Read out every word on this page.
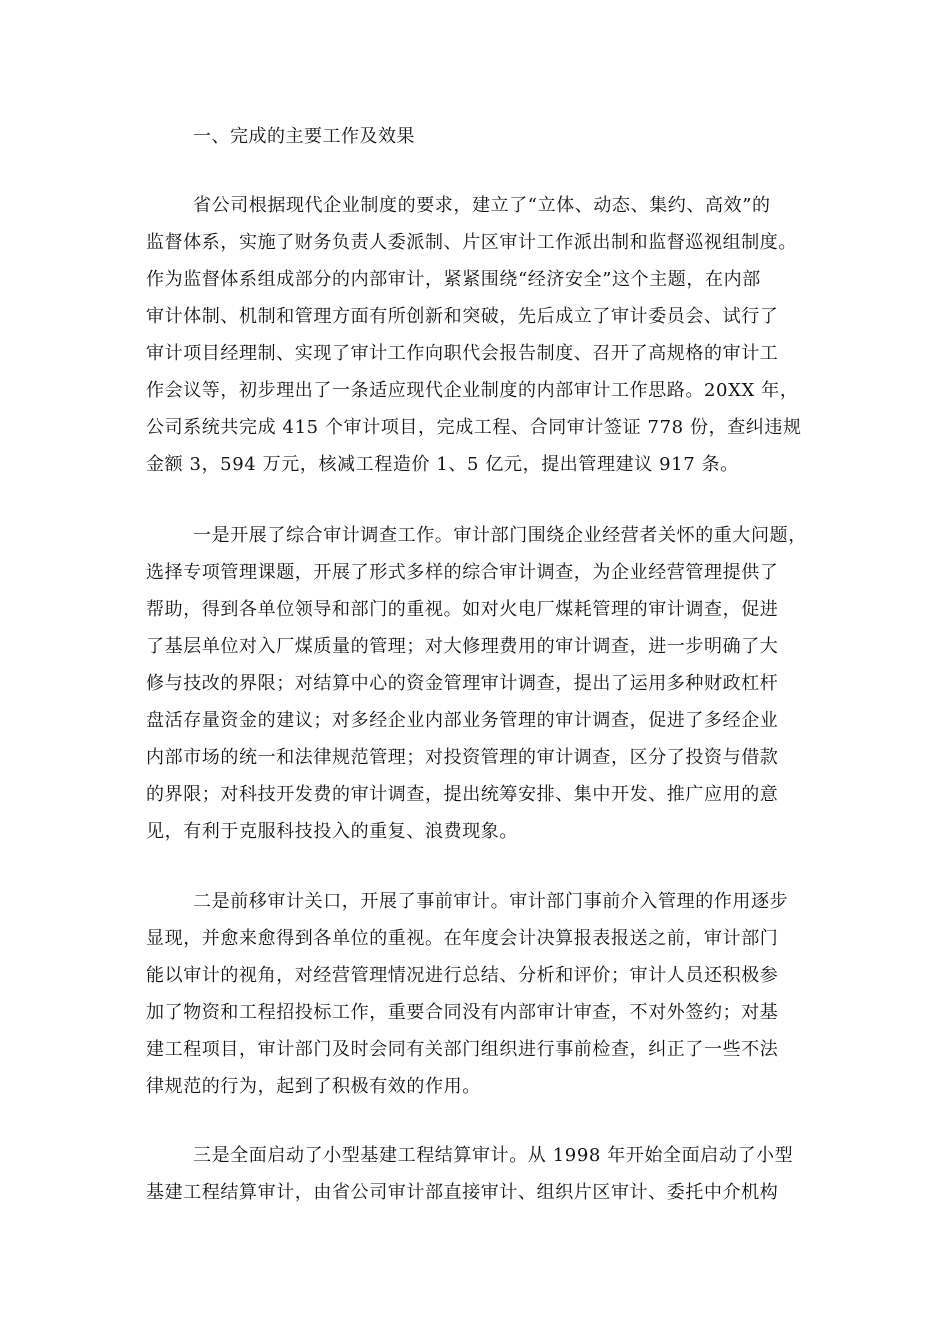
一、完成的主要工作及效果
省公司根据现代企业制度的要求，建立了“立体、动态、集约、高效”的
监督体系，实施了财务负责人委派制、片区审计工作派出制和监督巡视组制度。
作为监督体系组成部分的内部审计，紧紧围绕“经济安全”这个主题，在内部
审计体制、机制和管理方面有所创新和突破，先后成立了审计委员会、试行了
审计项目经理制、实现了审计工作向职代会报告制度、召开了高规格的审计工
作会议等，初步理出了一条适应现代企业制度的内部审计工作思路。20XX 年，
公司系统共完成 415 个审计项目，完成工程、合同审计签证 778 份，查纠违规
金额 3，594 万元，核减工程造价 1、5 亿元，提出管理建议 917 条。
一是开展了综合审计调查工作。审计部门围绕企业经营者关怀的重大问题，
选择专项管理课题，开展了形式多样的综合审计调查，为企业经营管理提供了
帮助，得到各单位领导和部门的重视。如对火电厂煤耗管理的审计调查，促进
了基层单位对入厂煤质量的管理；对大修理费用的审计调查，进一步明确了大
修与技改的界限；对结算中心的资金管理审计调查，提出了运用多种财政杠杆
盘活存量资金的建议；对多经企业内部业务管理的审计调查，促进了多经企业
内部市场的统一和法律规范管理；对投资管理的审计调查，区分了投资与借款
的界限；对科技开发费的审计调查，提出统筹安排、集中开发、推广应用的意
见，有利于克服科技投入的重复、浪费现象。
二是前移审计关口，开展了事前审计。审计部门事前介入管理的作用逐步
显现，并愈来愈得到各单位的重视。在年度会计决算报表报送之前，审计部门
能以审计的视角，对经营管理情况进行总结、分析和评价；审计人员还积极参
加了物资和工程招投标工作，重要合同没有内部审计审查，不对外签约；对基
建工程项目，审计部门及时会同有关部门组织进行事前检查，纠正了一些不法
律规范的行为，起到了积极有效的作用。
三是全面启动了小型基建工程结算审计。从 1998 年开始全面启动了小型
基建工程结算审计，由省公司审计部直接审计、组织片区审计、委托中介机构
